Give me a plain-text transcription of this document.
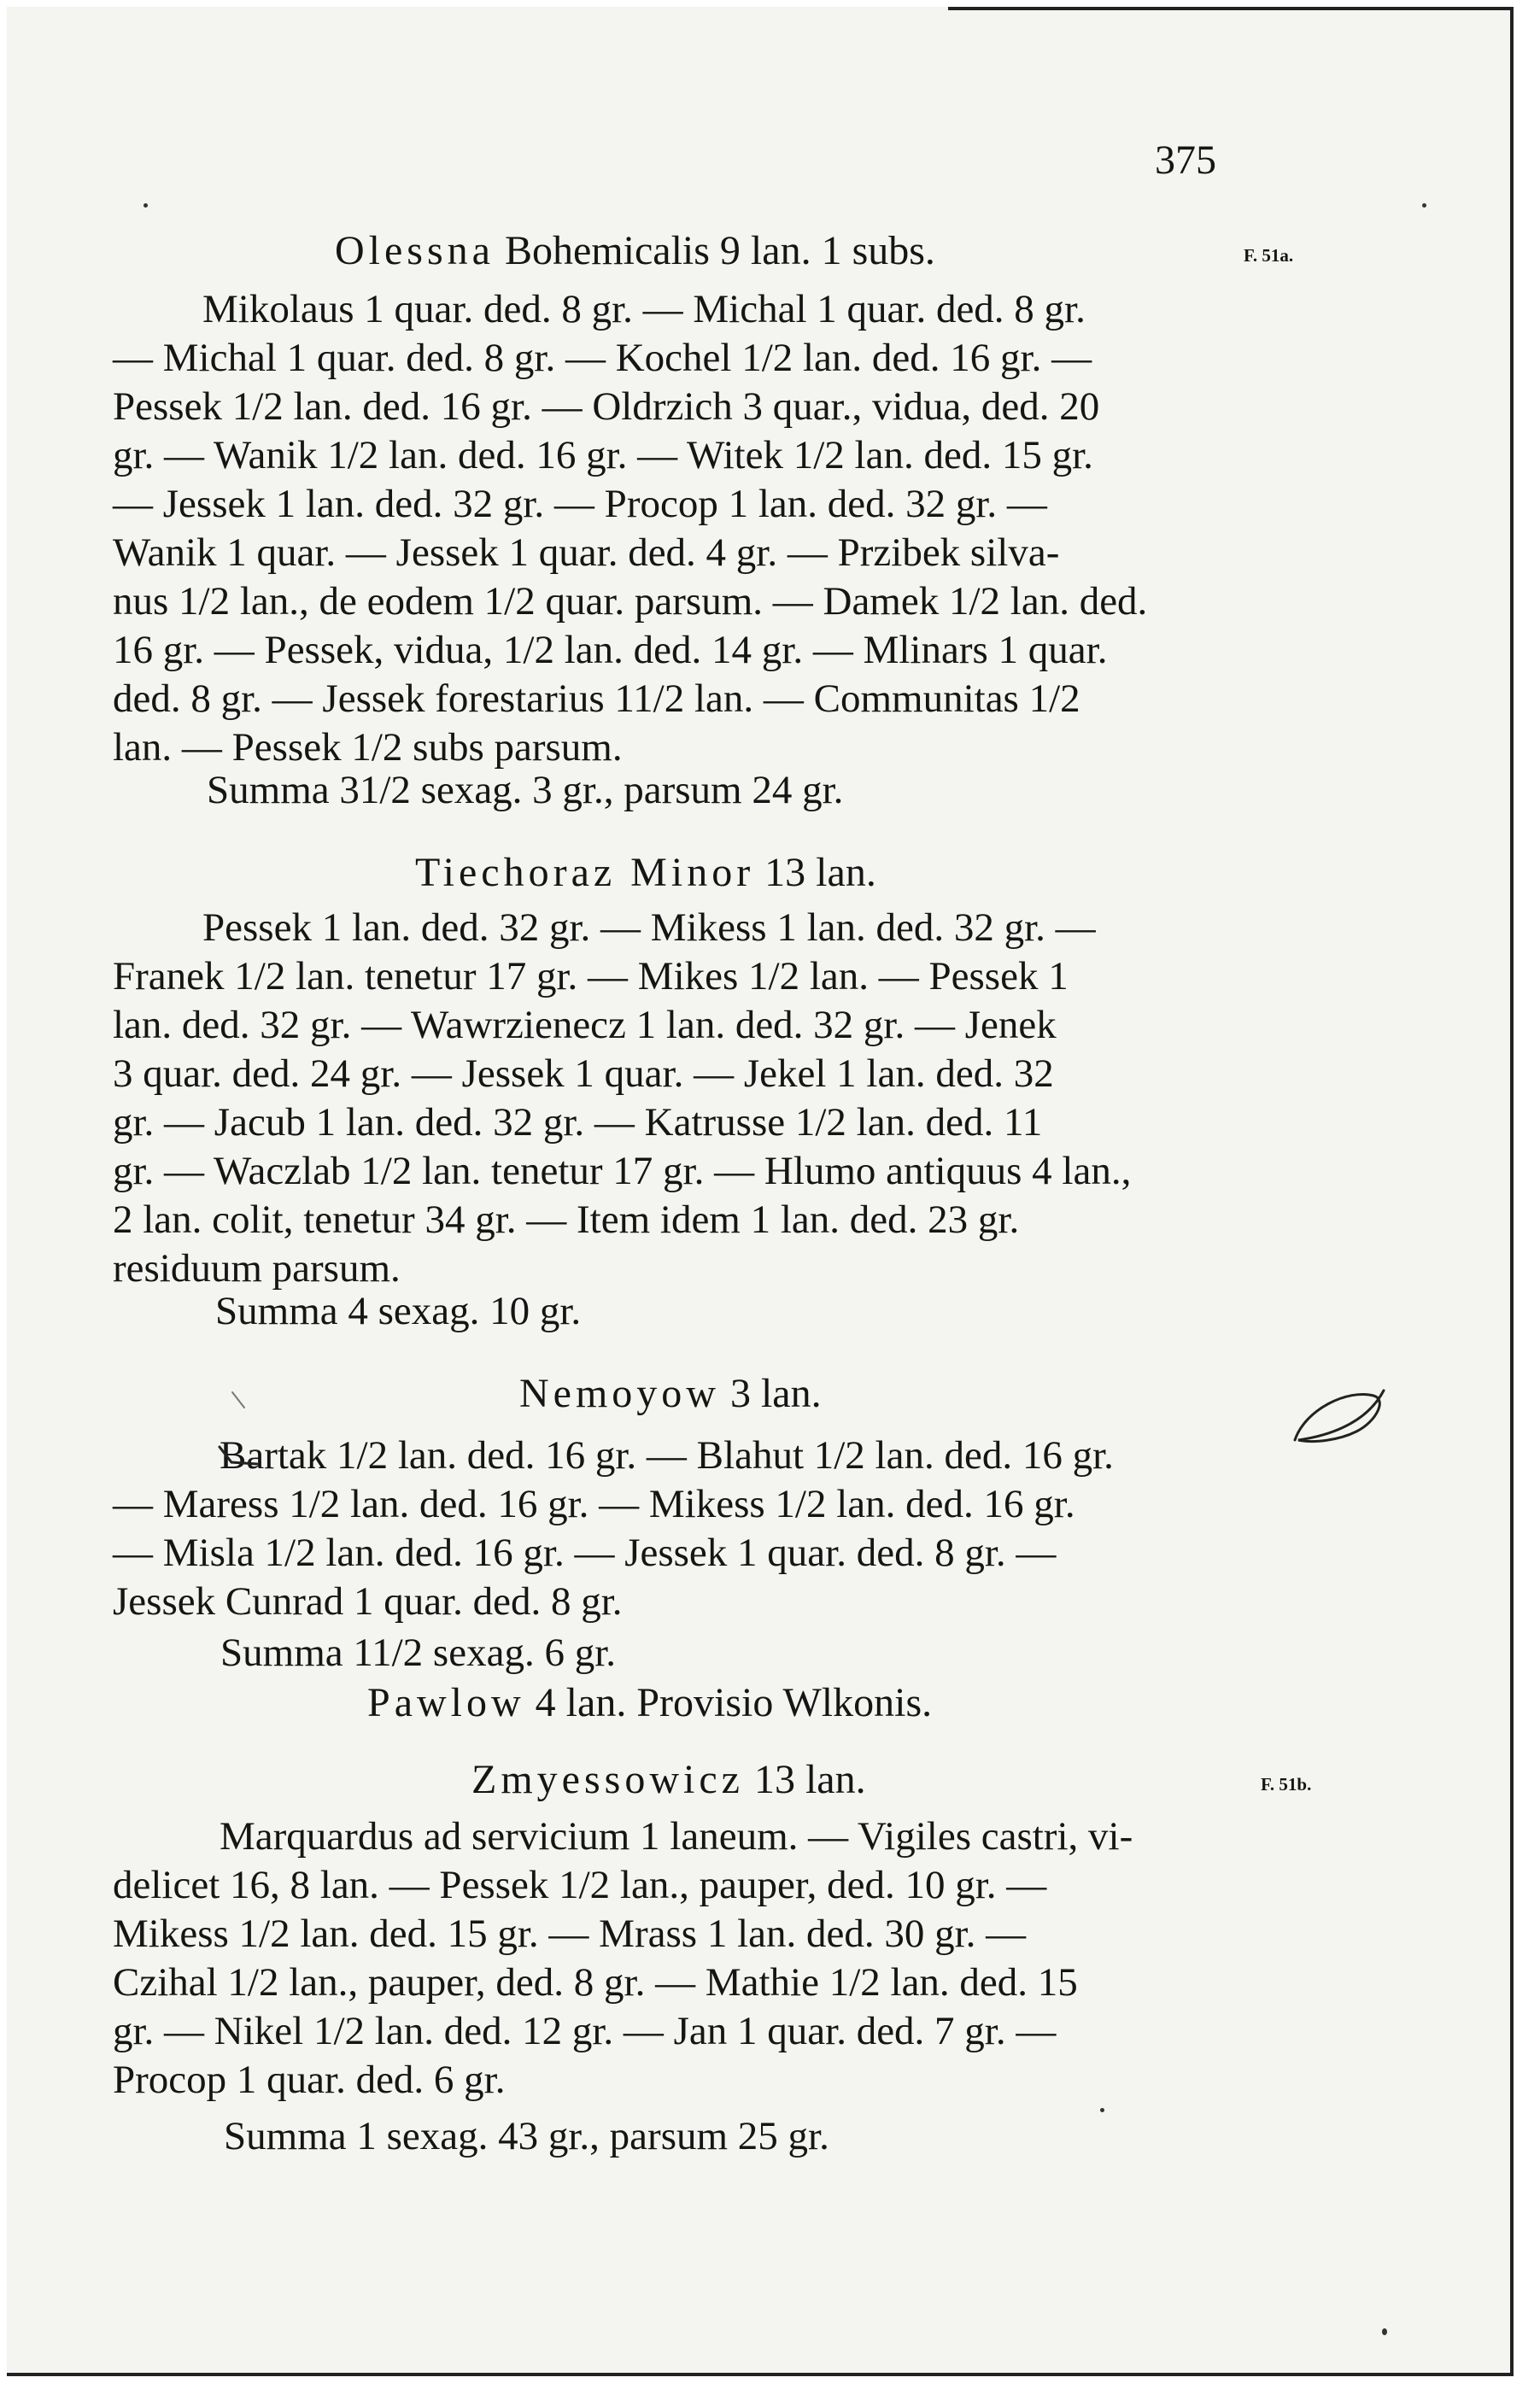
375
Olessna Bohemicalis 9 lan. 1 subs.	F. 51a.
Mikolaus 1 quar. ded. 8 gr. — Michal 1 quar. ded. 8 gr.
— Michal 1 quar. ded. 8 gr. — Kochel 1/2 lan. ded. 16 gr. —
Pessek 1/2 lan. ded. 16 gr. — Oldrzich 3 quar., vidua, ded. 20
gr. — Wanik 1/2 lan. ded. 16 gr. — Witek 1/2 lan. ded. 15 gr.
— Jessek 1 lan. ded. 32 gr. — Procop 1 lan. ded. 32 gr. —
Wanik 1 quar. — Jessek 1 quar. ded. 4 gr. — Przibek silva-
nus 1/2 lan., de eodem 1/2 quar. parsum. — Damek 1/2 lan. ded.
16 gr. — Pessek, vidua, 1/2 lan. ded. 14 gr. — Mlinars 1 quar.
ded. 8 gr. — Jessek forestarius 11/2 lan. — Communitas 1/2
lan. — Pessek 1/2 subs parsum.
Summa 31/2 sexag. 3 gr., parsum 24 gr.
Tiechoraz Minor 13 lan.
Pessek 1 lan. ded. 32 gr. — Mikess 1 lan. ded. 32 gr. —
Franek 1/2 lan. tenetur 17 gr. — Mikes 1/2 lan. — Pessek 1
lan. ded. 32 gr. — Wawrzienecz 1 lan. ded. 32 gr. — Jenek
3 quar. ded. 24 gr. — Jessek 1 quar. — Jekel 1 lan. ded. 32
gr. — Jacub 1 lan. ded. 32 gr. — Katrusse 1/2 lan. ded. 11
gr. — Waczlab 1/2 lan. tenetur 17 gr. — Hlumo antiquus 4 lan.,
2 lan. colit, tenetur 34 gr. — Item idem 1 lan. ded. 23 gr.
residuum parsum.
Summa 4 sexag. 10 gr.
Nemoyow 3 lan.
Bartak 1/2 lan. ded. 16 gr. — Blahut 1/2 lan. ded. 16 gr.
— Maress 1/2 lan. ded. 16 gr. — Mikess 1/2 lan. ded. 16 gr.
— Misla 1/2 lan. ded. 16 gr. — Jessek 1 quar. ded. 8 gr. —
Jessek Cunrad 1 quar. ded. 8 gr.
Summa 11/2 sexag. 6 gr.
Pawlow 4 lan. Provisio Wlkonis.
Zmyessowicz 13 lan.	F. 51b.
Marquardus ad servicium 1 laneum. — Vigiles castri, vi-
delicet 16, 8 lan. — Pessek 1/2 lan., pauper, ded. 10 gr. —
Mikess 1/2 lan. ded. 15 gr. — Mrass 1 lan. ded. 30 gr. —
Czihal 1/2 lan., pauper, ded. 8 gr. — Mathie 1/2 lan. ded. 15
gr. — Nikel 1/2 lan. ded. 12 gr. — Jan 1 quar. ded. 7 gr. —
Procop 1 quar. ded. 6 gr.
Summa 1 sexag. 43 gr., parsum 25 gr.
